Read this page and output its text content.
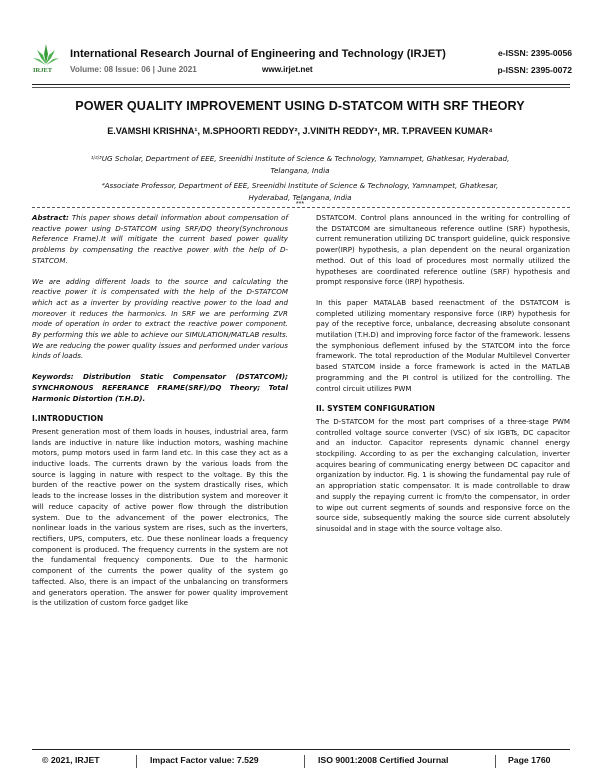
IRJET
International Research Journal of Engineering and Technology (IRJET)
Volume: 08 Issue: 06 | June 2021	www.irjet.net
e-ISSN: 2395-0056
p-ISSN: 2395-0072
POWER QUALITY IMPROVEMENT USING D-STATCOM WITH SRF THEORY
E.VAMSHI KRISHNA¹, M.SPHOORTI REDDY², J.VINITH REDDY³, MR. T.PRAVEEN KUMAR⁴
¹ʲ²ʲ³UG Scholar, Department of EEE, Sreenidhi Institute of Science & Technology, Yamnampet, Ghatkesar, Hyderabad, Telangana, India
⁴Associate Professor, Department of EEE, Sreenidhi Institute of Science & Technology, Yamnampet, Ghatkesar, Hyderabad, Telangana, India
***

Abstract: This paper shows detail information about compensation of reactive power using D-STATCOM using SRF/DQ theory(Synchronous Reference Frame).It will mitigate the current based power quality problems by compensating the reactive power with the help of D-STATCOM.

We are adding different loads to the source and calculating the reactive power it is compensated with the help of the D-STATCOM which act as a inverter by providing reactive power to the load and moreover it reduces the harmonics. In SRF we are performing ZVR mode of operation in order to extract the reactive power component. By performing this we able to achieve our SIMULATION/MATLAB results. We are reducing the power quality issues and performed under various kinds of loads.

Keywords: Distribution Static Compensator (DSTATCOM); SYNCHRONOUS REFERANCE FRAME(SRF)/DQ Theory; Total Harmonic Distortion (T.H.D).

I.INTRODUCTION

Present generation most of them loads in houses, industrial area, farm lands are inductive in nature like induction motors, washing machine motors, pump motors used in farm land etc. In this case they act as a inductive loads. The currents drawn by the various loads from the source is lagging in nature with respect to the voltage. By this the burden of the reactive power on the system drastically rises, which leads to the increase losses in the distribution system and moreover it will reduce capacity of active power flow through the distribution system. Due to the advancement of the power electronics, The nonlinear loads in the various system are rises, such as the inverters, rectifiers, UPS, computers, etc. Due these nonlinear loads a frequency component is produced. The frequency currents in the system are not the fundamental frequency components. Due to the harmonic component of the currents the power quality of the system go taffected. Also, there is an impact of the unbalancing on transformers and generators operation. The answer for power quality improvement is the utilization of custom force gadget like

DSTATCOM. Control plans announced in the writing for controlling of the DSTATCOM are simultaneous reference outline (SRF) hypothesis, current remuneration utilizing DC transport guideline, quick responsive power(IRP) hypothesis, a plan dependent on the neural organization method. Out of this load of procedures most normally utilized the hypotheses are coordinated reference outline (SRF) hypothesis and prompt responsive force (IRP) hypothesis.

In this paper MATALAB based reenactment of the DSTATCOM is completed utilizing momentary responsive force (IRP) hypothesis for pay of the receptive force, unbalance, decreasing absolute consonant mutilation (T.H.D) and improving force factor of the framework. lessens the symphonious deflement infused by the STATCOM into the force framework. The total reproduction of the Modular Multilevel Converter based STATCOM inside a force framework is acted in the MATLAB programming and the PI control is utilized for the controlling. The control circuit utilizes PWM

II. SYSTEM CONFIGURATION

The D-STATCOM for the most part comprises of a three-stage PWM controlled voltage source converter (VSC) of six IGBTs, DC capacitor and an inductor. Capacitor represents dynamic channel energy stockpiling. According to as per the exchanging calculation, inverter acquires bearing of communicating energy between DC capacitor and organization by inductor. Fig. 1 is showing the fundamental pay rule of an appropriation static compensator. It is made controllable to draw and supply the repaying current ic from/to the compensator, in order to wipe out current segments of sounds and responsive force on the source side, subsequently making the source side current absolutely sinusoidal and in stage with the source voltage also.

© 2021, IRJET	Impact Factor value: 7.529	ISO 9001:2008 Certified Journal	Page 1760
